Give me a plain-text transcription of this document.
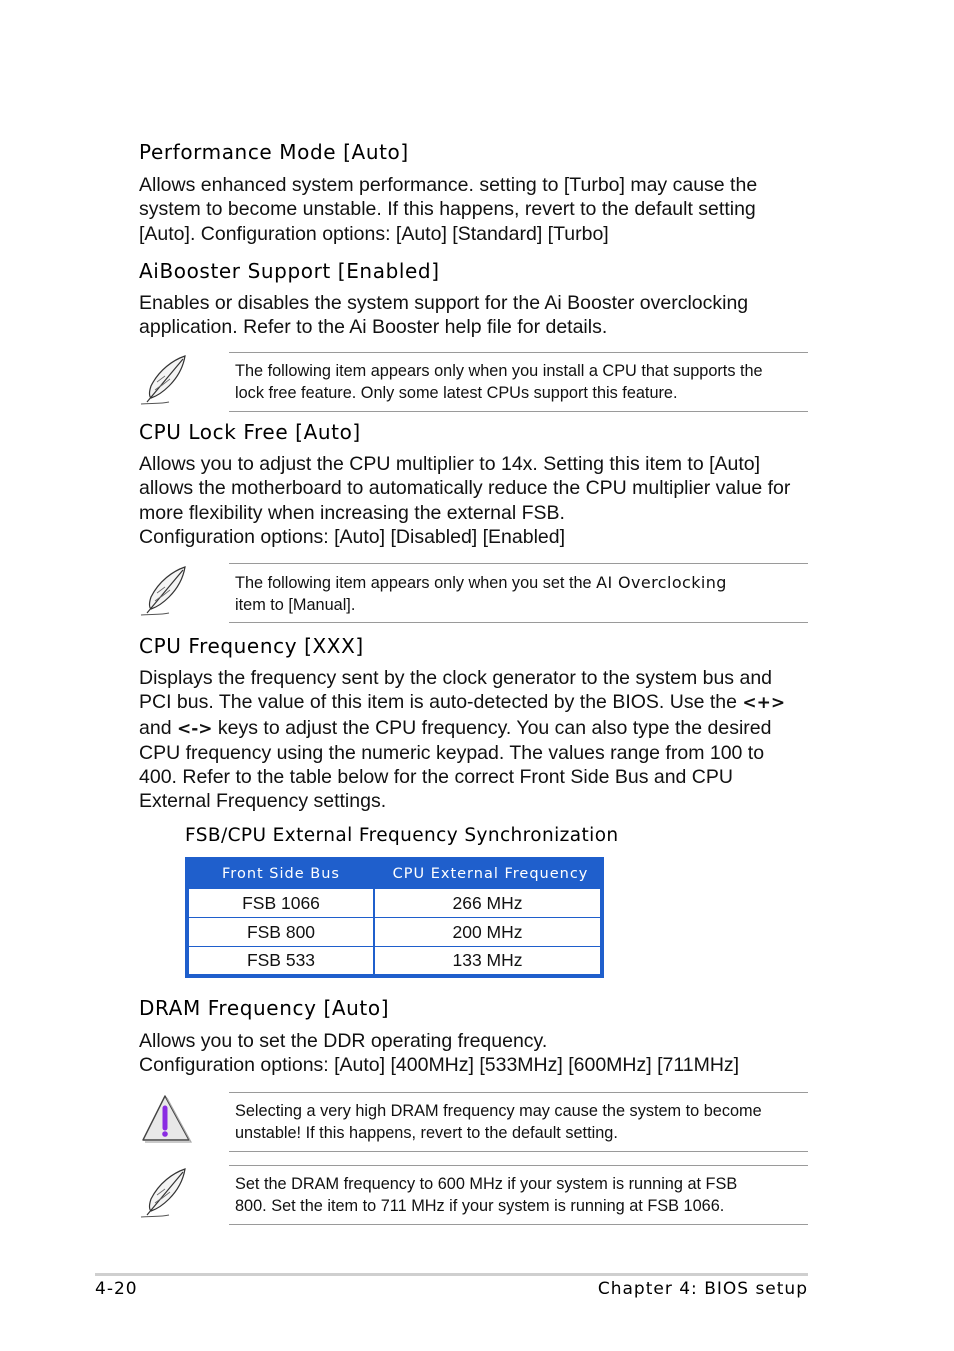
Performance Mode [Auto]
Allows enhanced system performance. setting to [Turbo] may cause the
system to become unstable. If this happens, revert to the default setting
[Auto]. Configuration options: [Auto] [Standard] [Turbo]
AiBooster Support [Enabled]
Enables or disables the system support for the Ai Booster overclocking
application. Refer to the Ai Booster help file for details.
The following item appears only when you install a CPU that supports the
lock free feature. Only some latest CPUs support this feature.
CPU Lock Free [Auto]
Allows you to adjust the CPU multiplier to 14x. Setting this item to [Auto]
allows the motherboard to automatically reduce the CPU multiplier value for
more flexibility when increasing the external FSB.
Configuration options: [Auto] [Disabled] [Enabled]
The following item appears only when you set the AI Overclocking
item to [Manual].
CPU Frequency [XXX]
Displays the frequency sent by the clock generator to the system bus and
PCI bus. The value of this item is auto-detected by the BIOS. Use the <+>
and <-> keys to adjust the CPU frequency. You can also type the desired
CPU frequency using the numeric keypad. The values range from 100 to
400. Refer to the table below for the correct Front Side Bus and CPU
External Frequency settings.
FSB/CPU External Frequency Synchronization
Front Side Bus	CPU External Frequency
FSB 1066	266 MHz
FSB 800	200 MHz
FSB 533	133 MHz
DRAM Frequency [Auto]
Allows you to set the DDR operating frequency.
Configuration options: [Auto] [400MHz] [533MHz] [600MHz] [711MHz]
Selecting a very high DRAM frequency may cause the system to become
unstable! If this happens, revert to the default setting.
Set the DRAM frequency to 600 MHz if your system is running at FSB
800. Set the item to 711 MHz if your system is running at FSB 1066.
4-20	Chapter 4: BIOS setup
